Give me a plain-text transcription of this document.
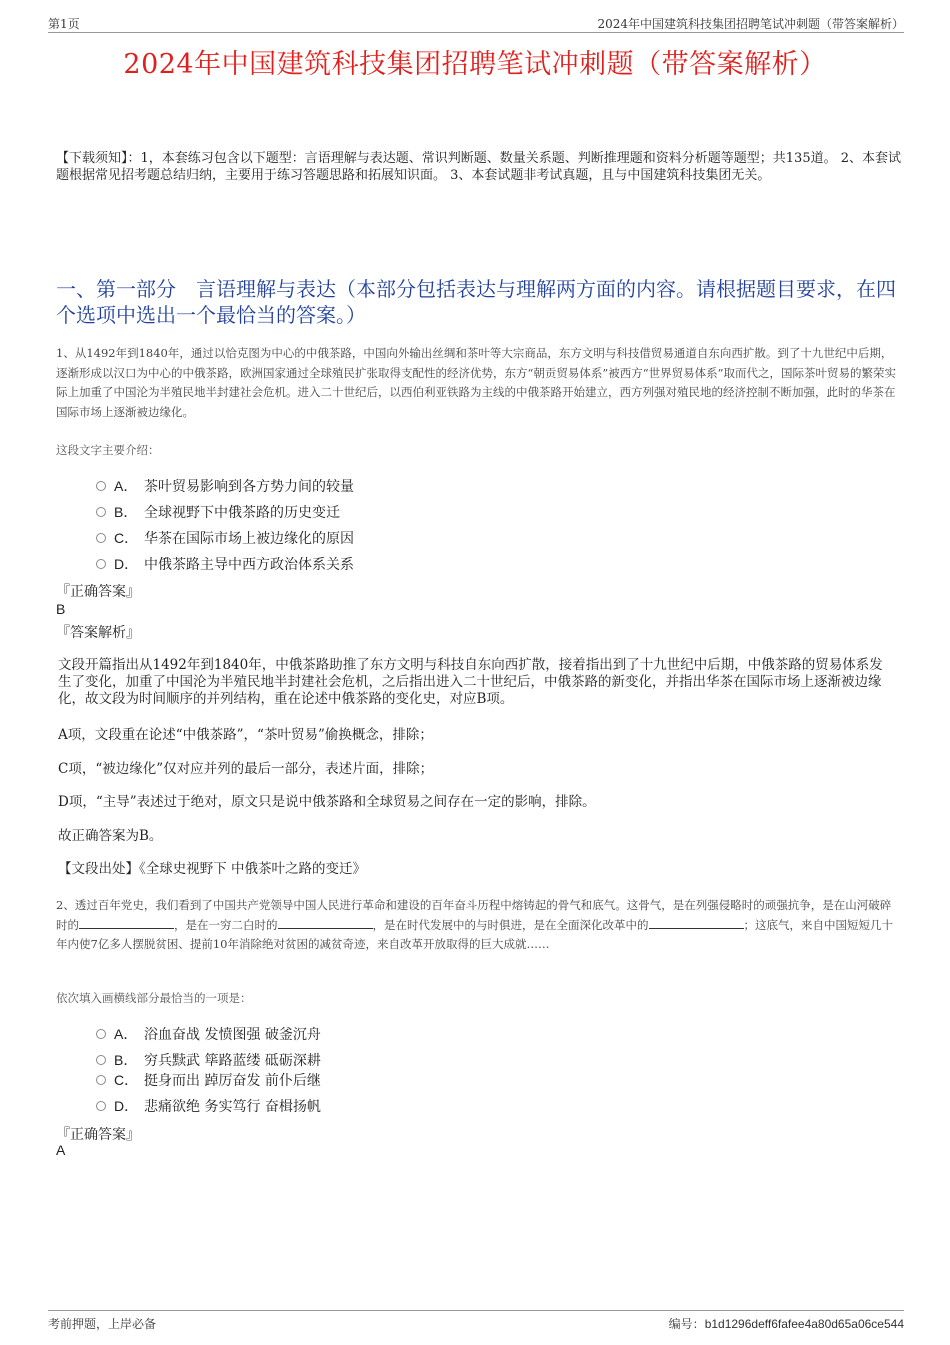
第1页	2024年中国建筑科技集团招聘笔试冲刺题（带答案解析）
2024年中国建筑科技集团招聘笔试冲刺题（带答案解析）
【下载须知】：1，本套练习包含以下题型：言语理解与表达题、常识判断题、数量关系题、判断推理题和资料分析题等题型；共135道。 2、本套试题根据常见招考题总结归纳，主要用于练习答题思路和拓展知识面。 3、本套试题非考试真题，且与中国建筑科技集团无关。
一、第一部分　言语理解与表达（本部分包括表达与理解两方面的内容。请根据题目要求，在四个选项中选出一个最恰当的答案。）
1、从1492年到1840年，通过以恰克图为中心的中俄茶路，中国向外输出丝绸和茶叶等大宗商品，东方文明与科技借贸易通道自东向西扩散。到了十九世纪中后期，逐渐形成以汉口为中心的中俄茶路，欧洲国家通过全球殖民扩张取得支配性的经济优势，东方“朝贡贸易体系”被西方“世界贸易体系”取而代之，国际茶叶贸易的繁荣实际上加重了中国沦为半殖民地半封建社会危机。进入二十世纪后，以西伯利亚铁路为主线的中俄茶路开始建立，西方列强对殖民地的经济控制不断加强，此时的华茶在国际市场上逐渐被边缘化。
这段文字主要介绍：
A． 茶叶贸易影响到各方势力间的较量
B． 全球视野下中俄茶路的历史变迁
C． 华茶在国际市场上被边缘化的原因
D． 中俄茶路主导中西方政治体系关系
『正确答案』
B
『答案解析』
文段开篇指出从1492年到1840年，中俄茶路助推了东方文明与科技自东向西扩散，接着指出到了十九世纪中后期，中俄茶路的贸易体系发生了变化，加重了中国沦为半殖民地半封建社会危机，之后指出进入二十世纪后，中俄茶路的新变化，并指出华茶在国际市场上逐渐被边缘化，故文段为时间顺序的并列结构，重在论述中俄茶路的变化史，对应B项。
A项，文段重在论述“中俄茶路”，“茶叶贸易”偷换概念，排除；
C项，“被边缘化”仅对应并列的最后一部分，表述片面，排除；
D项，“主导”表述过于绝对，原文只是说中俄茶路和全球贸易之间存在一定的影响，排除。
故正确答案为B。
【文段出处】《全球史视野下 中俄茶叶之路的变迁》
2、透过百年党史，我们看到了中国共产党领导中国人民进行革命和建设的百年奋斗历程中熔铸起的骨气和底气。这骨气，是在列强侵略时的顽强抗争，是在山河破碎时的	，是在一穷二白时的	，是在时代发展中的与时俱进，是在全面深化改革中的	；这底气，来自中国短短几十年内使7亿多人摆脱贫困、提前10年消除绝对贫困的减贫奇迹，来自改革开放取得的巨大成就……
依次填入画横线部分最恰当的一项是：
A． 浴血奋战 发愤图强 破釜沉舟
B． 穷兵黩武 筚路蓝缕 砥砺深耕
C． 挺身而出 踔厉奋发 前仆后继
D． 悲痛欲绝 务实笃行 奋楫扬帆
『正确答案』
A
考前押题，上岸必备	编号：b1d1296deff6fafee4a80d65a06ce544
